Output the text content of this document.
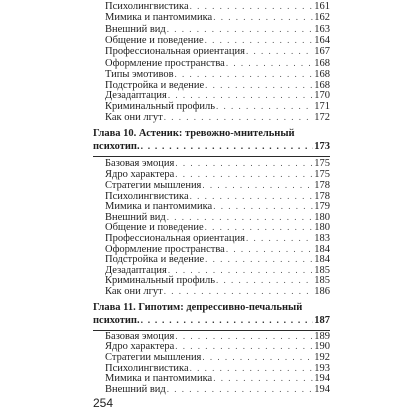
Психолингвистика . . .	161
Мимика и пантомимика . . .	162
Внешний вид . . .	163
Общение и поведение . . .	164
Профессиональная ориентация . . .	167
Оформление пространства . . .	168
Типы эмотивов . . .	168
Подстройка и ведение . . .	168
Дезадаптация . . .	170
Криминальный профиль . . .	171
Как они лгут . . .	172
Глава 10. Астеник: тревожно-мнительный
психотип. . . .	173
Базовая эмоция . . .	175
Ядро характера . . .	175
Стратегии мышления . . .	178
Психолингвистика . . .	178
Мимика и пантомимика . . .	179
Внешний вид . . .	180
Общение и поведение . . .	180
Профессиональная ориентация . . .	183
Оформление пространства . . .	184
Подстройка и ведение . . .	184
Дезадаптация . . .	185
Криминальный профиль . . .	185
Как они лгут . . .	186
Глава 11. Гипотим: депрессивно-печальный
психотип. . . .	187
Базовая эмоция . . .	189
Ядро характера . . .	190
Стратегии мышления . . .	192
Психолингвистика . . .	193
Мимика и пантомимика . . .	194
Внешний вид . . .	194
254
